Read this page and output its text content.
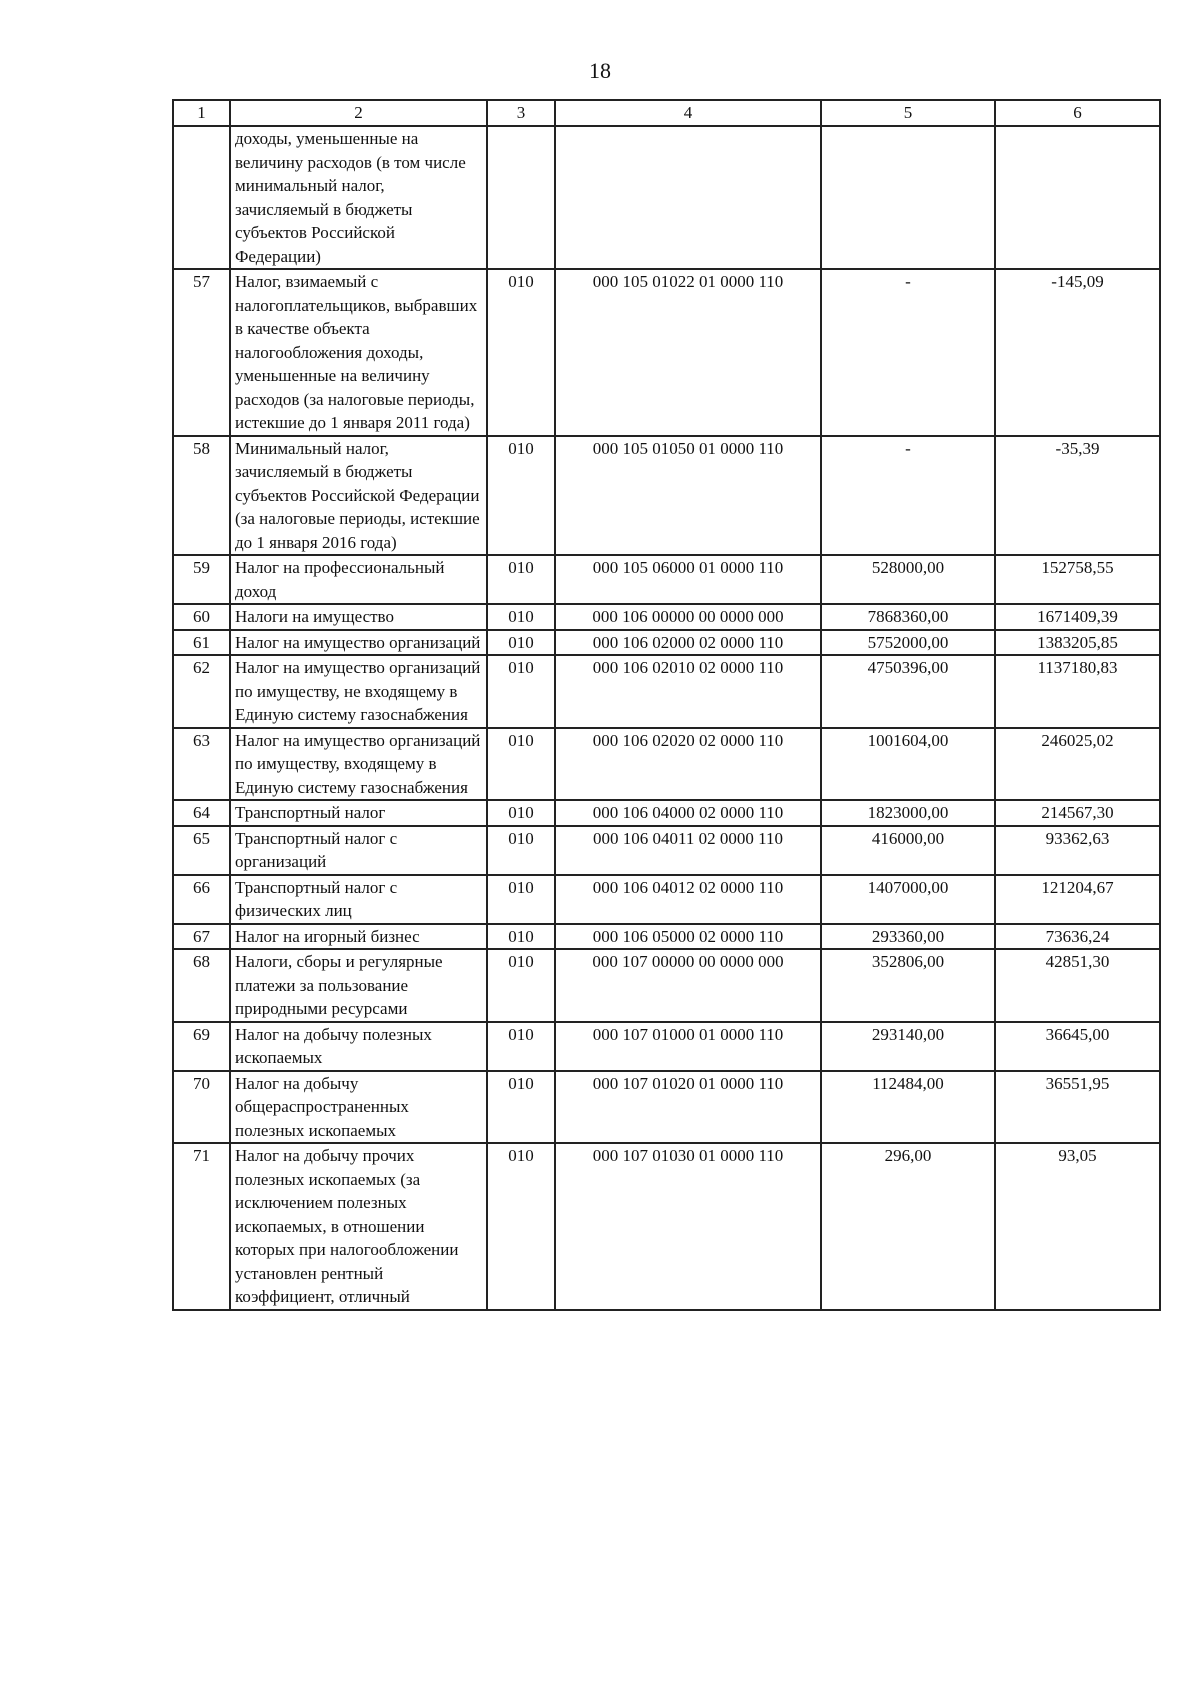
18
1	2	3	4	5	6
	доходы, уменьшенные на величину расходов (в том числе минимальный налог, зачисляемый в бюджеты субъектов Российской Федерации)				
57	Налог, взимаемый с налогоплательщиков, выбравших в качестве объекта налогообложения доходы, уменьшенные на величину расходов (за налоговые периоды, истекшие до 1 января 2011 года)	010	000 105 01022 01 0000 110	-	-145,09
58	Минимальный налог, зачисляемый в бюджеты субъектов Российской Федерации (за налоговые периоды, истекшие до 1 января 2016 года)	010	000 105 01050 01 0000 110	-	-35,39
59	Налог на профессиональный доход	010	000 105 06000 01 0000 110	528000,00	152758,55
60	Налоги на имущество	010	000 106 00000 00 0000 000	7868360,00	1671409,39
61	Налог на имущество организаций	010	000 106 02000 02 0000 110	5752000,00	1383205,85
62	Налог на имущество организаций по имуществу, не входящему в Единую систему газоснабжения	010	000 106 02010 02 0000 110	4750396,00	1137180,83
63	Налог на имущество организаций по имуществу, входящему в Единую систему газоснабжения	010	000 106 02020 02 0000 110	1001604,00	246025,02
64	Транспортный налог	010	000 106 04000 02 0000 110	1823000,00	214567,30
65	Транспортный налог с организаций	010	000 106 04011 02 0000 110	416000,00	93362,63
66	Транспортный налог с физических лиц	010	000 106 04012 02 0000 110	1407000,00	121204,67
67	Налог на игорный бизнес	010	000 106 05000 02 0000 110	293360,00	73636,24
68	Налоги, сборы и регулярные платежи за пользование природными ресурсами	010	000 107 00000 00 0000 000	352806,00	42851,30
69	Налог на добычу полезных ископаемых	010	000 107 01000 01 0000 110	293140,00	36645,00
70	Налог на добычу общераспространенных полезных ископаемых	010	000 107 01020 01 0000 110	112484,00	36551,95
71	Налог на добычу прочих полезных ископаемых (за исключением полезных ископаемых, в отношении которых при налогообложении установлен рентный коэффициент, отличный	010	000 107 01030 01 0000 110	296,00	93,05
